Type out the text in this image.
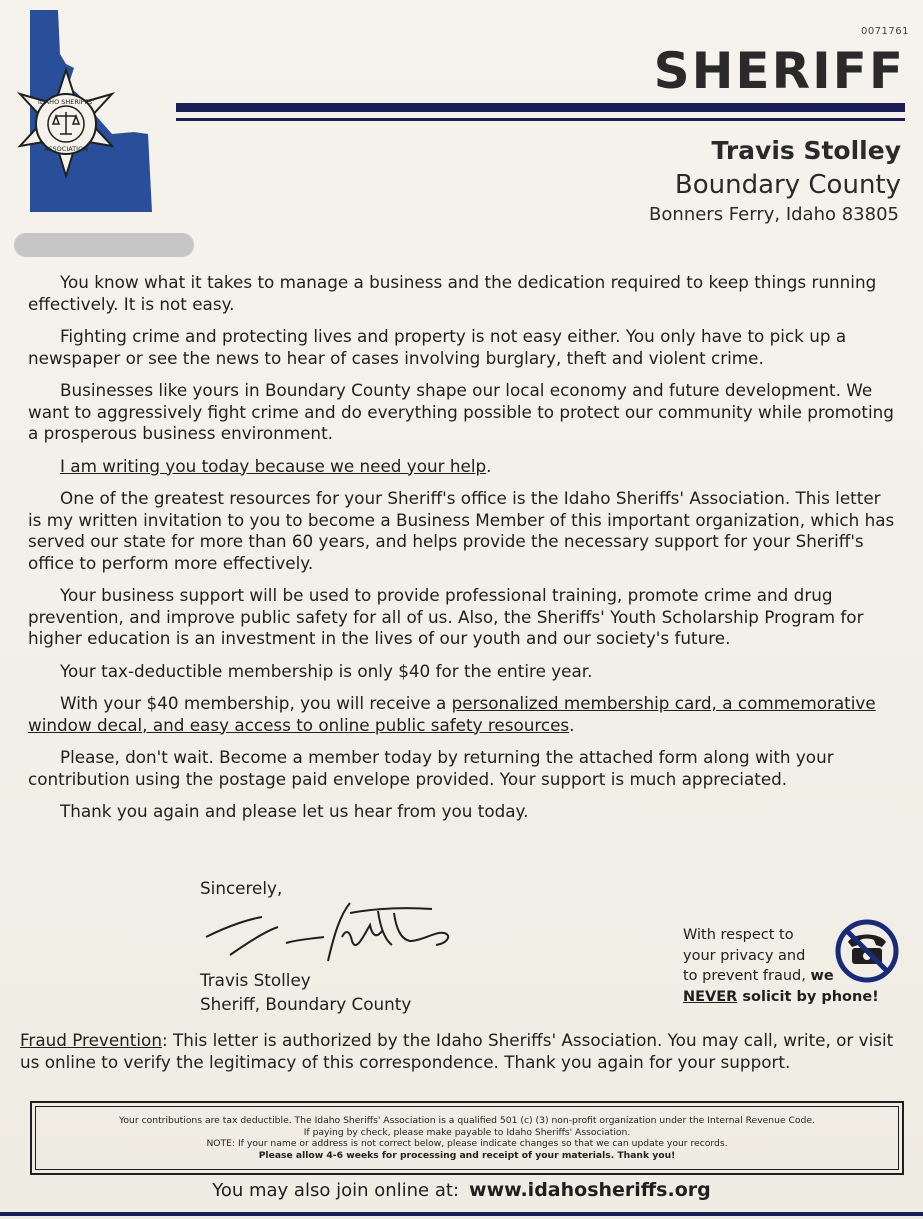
0071761
SHERIFF
IDAHO SHERIFFS'
ASSOCIATION	Travis Stolley
Boundary County
Bonners Ferry, Idaho 83805

You know what it takes to manage a business and the dedication required to keep things running effectively. It is not easy.

Fighting crime and protecting lives and property is not easy either. You only have to pick up a newspaper or see the news to hear of cases involving burglary, theft and violent crime.

Businesses like yours in Boundary County shape our local economy and future development. We want to aggressively fight crime and do everything possible to protect our community while promoting a prosperous business environment.

I am writing you today because we need your help.

One of the greatest resources for your Sheriff's office is the Idaho Sheriffs' Association. This letter is my written invitation to you to become a Business Member of this important organization, which has served our state for more than 60 years, and helps provide the necessary support for your Sheriff's office to perform more effectively.

Your business support will be used to provide professional training, promote crime and drug prevention, and improve public safety for all of us. Also, the Sheriffs' Youth Scholarship Program for higher education is an investment in the lives of our youth and our society's future.

Your tax-deductible membership is only $40 for the entire year.

With your $40 membership, you will receive a personalized membership card, a commemorative window decal, and easy access to online public safety resources.

Please, don't wait. Become a member today by returning the attached form along with your contribution using the postage paid envelope provided. Your support is much appreciated.

Thank you again and please let us hear from you today.

Sincerely,
Travis Stolley
Sheriff, Boundary County
With respect to
your privacy and
to prevent fraud, we
NEVER solicit by phone!
Fraud Prevention: This letter is authorized by the Idaho Sheriffs' Association. You may call, write, or visit us online to verify the legitimacy of this correspondence. Thank you again for your support.
Your contributions are tax deductible. The Idaho Sheriffs' Association is a qualified 501 (c) (3) non-profit organization under the Internal Revenue Code.
If paying by check, please make payable to Idaho Sheriffs' Association.
NOTE: If your name or address is not correct below, please indicate changes so that we can update your records.
Please allow 4-6 weeks for processing and receipt of your materials. Thank you!
You may also join online at: www.idahosheriffs.org
